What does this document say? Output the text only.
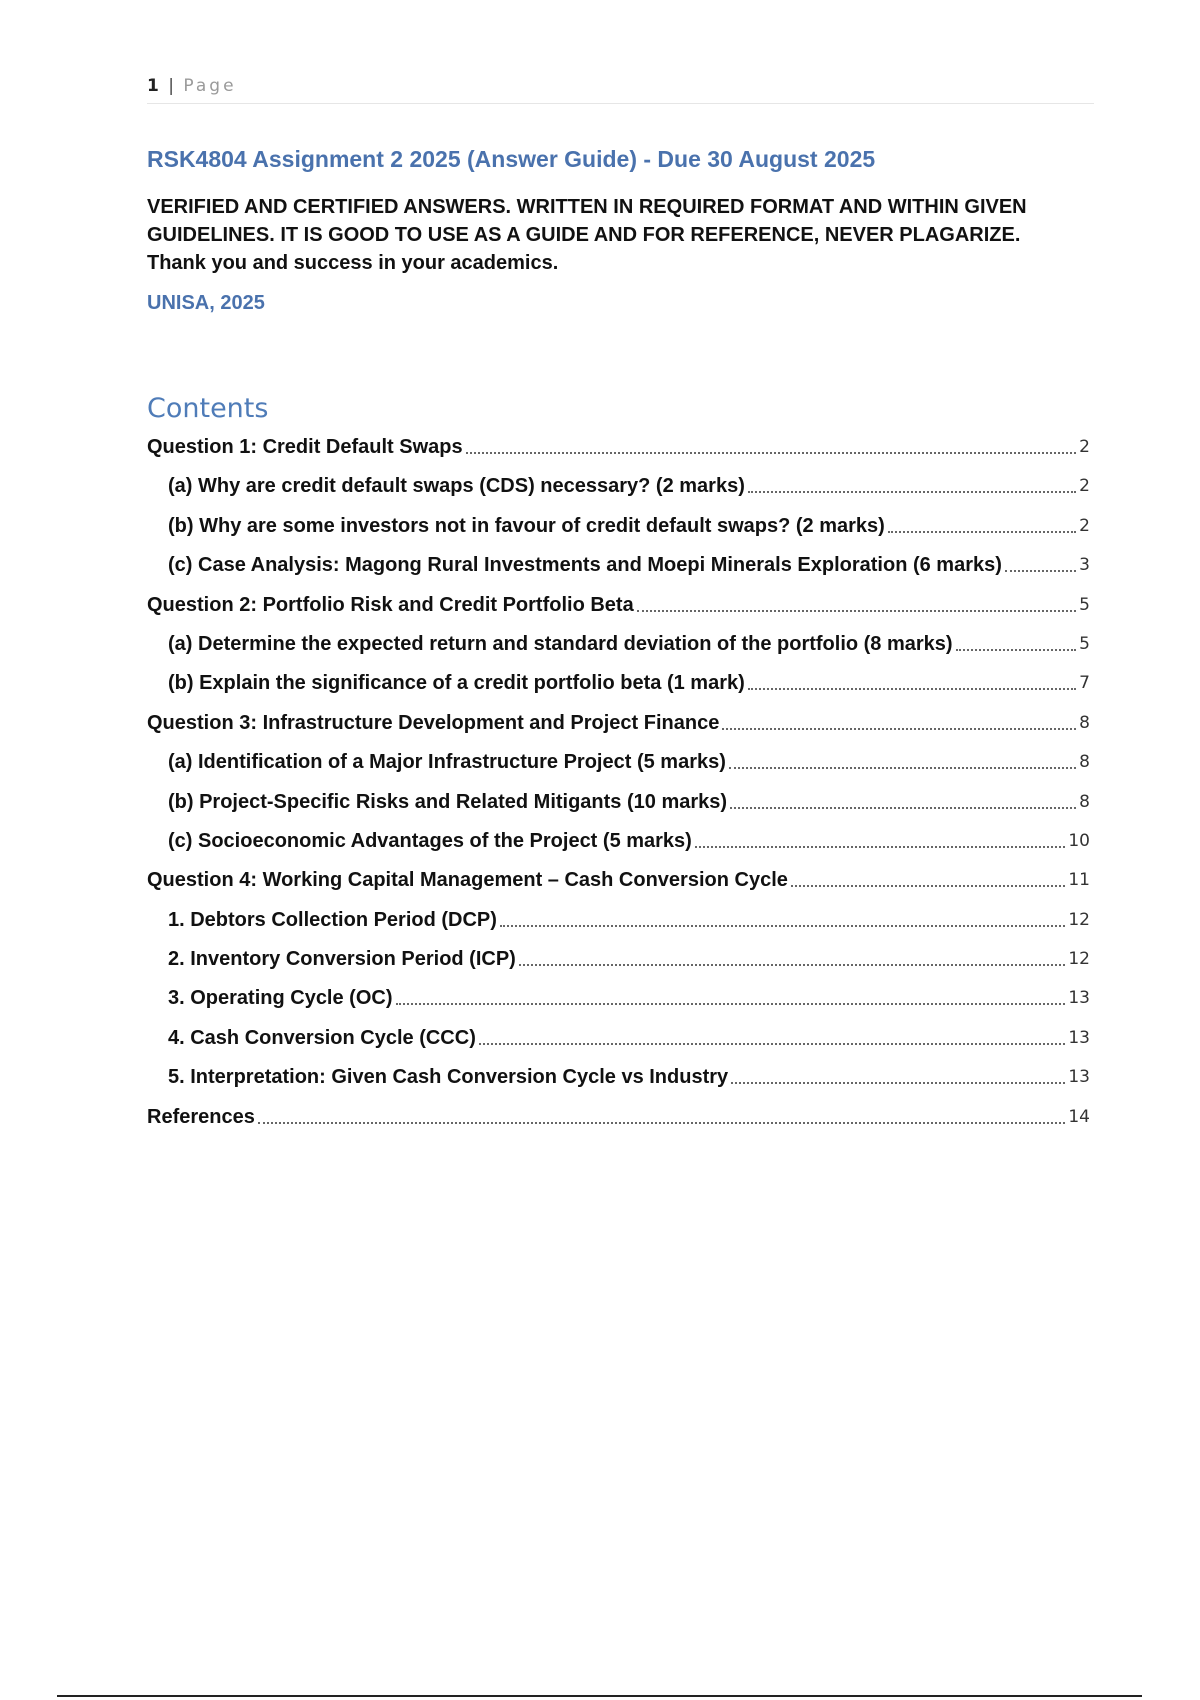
1 | Page
RSK4804 Assignment 2 2025 (Answer Guide) - Due 30 August 2025
VERIFIED AND CERTIFIED ANSWERS. WRITTEN IN REQUIRED FORMAT AND WITHIN GIVEN GUIDELINES. IT IS GOOD TO USE AS A GUIDE AND FOR REFERENCE, NEVER PLAGARIZE. Thank you and success in your academics.
UNISA, 2025
Contents
Question 1: Credit Default Swaps	2
(a) Why are credit default swaps (CDS) necessary? (2 marks)	2
(b) Why are some investors not in favour of credit default swaps? (2 marks)	2
(c) Case Analysis: Magong Rural Investments and Moepi Minerals Exploration (6 marks)	3
Question 2: Portfolio Risk and Credit Portfolio Beta	5
(a) Determine the expected return and standard deviation of the portfolio (8 marks)	5
(b) Explain the significance of a credit portfolio beta (1 mark)	7
Question 3: Infrastructure Development and Project Finance	8
(a) Identification of a Major Infrastructure Project (5 marks)	8
(b) Project-Specific Risks and Related Mitigants (10 marks)	8
(c) Socioeconomic Advantages of the Project (5 marks)	10
Question 4: Working Capital Management – Cash Conversion Cycle	11
1. Debtors Collection Period (DCP)	12
2. Inventory Conversion Period (ICP)	12
3. Operating Cycle (OC)	13
4. Cash Conversion Cycle (CCC)	13
5. Interpretation: Given Cash Conversion Cycle vs Industry	13
References	14
